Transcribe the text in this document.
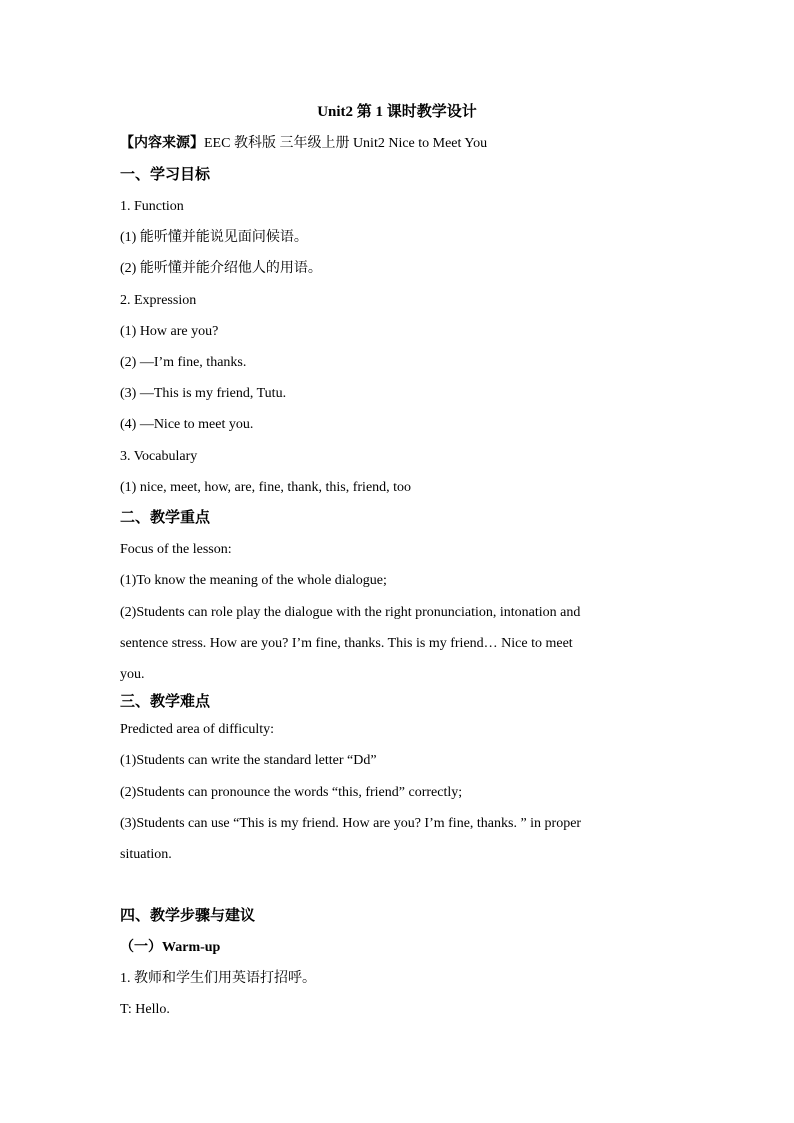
Unit2 第 1 课时教学设计
【内容来源】EEC 教科版 三年级上册 Unit2 Nice to Meet You
一、学习目标
1. Function
(1) 能听懂并能说见面问候语。
(2) 能听懂并能介绍他人的用语。
2. Expression
(1) How are you?
(2) —I’m fine, thanks.
(3) —This is my friend, Tutu.
(4) —Nice to meet you.
3. Vocabulary
(1) nice, meet, how, are, fine, thank, this, friend, too
二、教学重点
Focus of the lesson:
(1)To know the meaning of the whole dialogue;
(2)Students can role play the dialogue with the right pronunciation, intonation and
sentence stress. How are you? I’m fine, thanks. This is my friend… Nice to meet
you.
三、教学难点
Predicted area of difficulty:
(1)Students can write the standard letter “Dd”
(2)Students can pronounce the words “this, friend” correctly;
(3)Students can use “This is my friend. How are you? I’m fine, thanks. ” in proper
situation.
四、教学步骤与建议
（一）Warm-up
1. 教师和学生们用英语打招呼。
T: Hello.
